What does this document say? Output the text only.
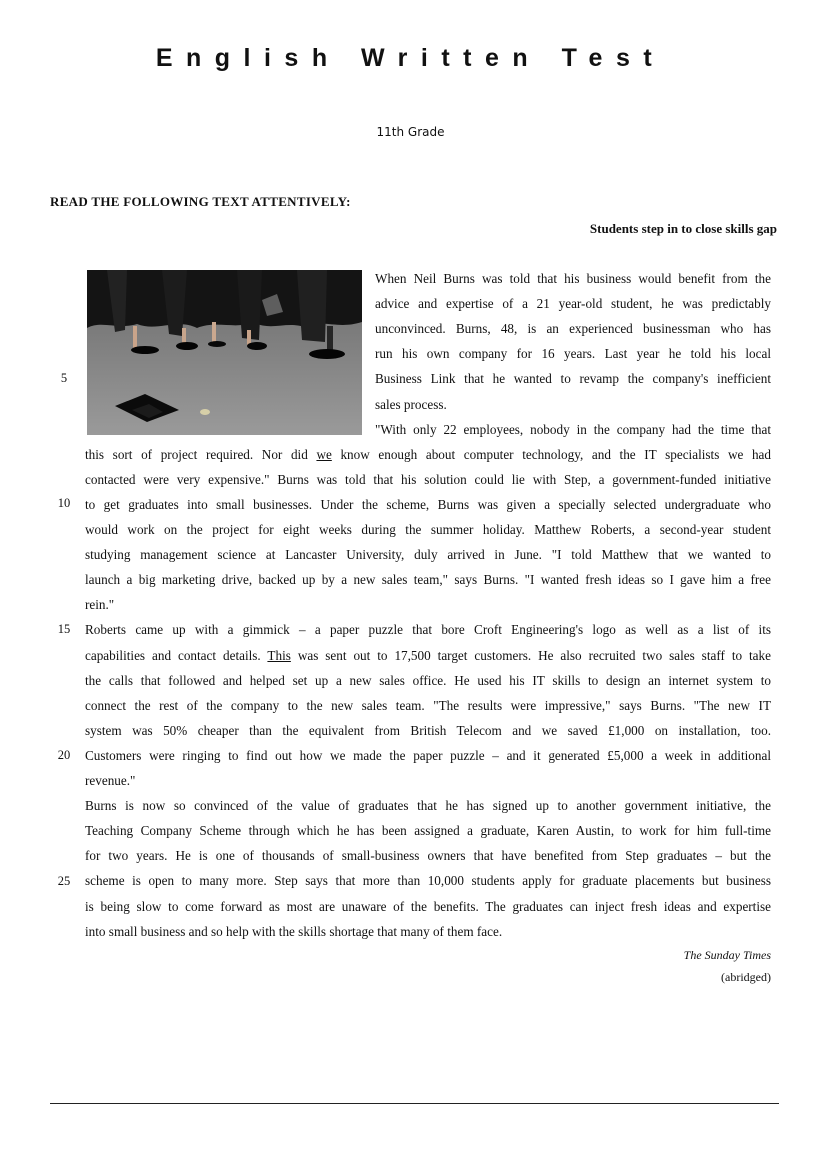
English Written Test
11th Grade
READ THE FOLLOWING TEXT ATTENTIVELY:
Students step in to close skills gap
When Neil Burns was told that his business would benefit from the
advice and expertise of a 21 year-old student, he was predictably
unconvinced. Burns, 48, is an experienced businessman who has
run his own company for 16 years. Last year he told his local
Business Link that he wanted to revamp the company's inefficient
sales process.
"With only 22 employees, nobody in the company had the time that
this sort of project required. Nor did we know enough about computer technology, and the IT specialists we had
contacted were very expensive." Burns was told that his solution could lie with Step, a government-funded initiative
to get graduates into small businesses. Under the scheme, Burns was given a specially selected undergraduate who
would work on the project for eight weeks during the summer holiday. Matthew Roberts, a second-year student
studying management science at Lancaster University, duly arrived in June. "I told Matthew that we wanted to
launch a big marketing drive, backed up by a new sales team," says Burns. "I wanted fresh ideas so I gave him a free
rein."
Roberts came up with a gimmick – a paper puzzle that bore Croft Engineering's logo as well as a list of its
capabilities and contact details. This was sent out to 17,500 target customers. He also recruited two sales staff to take
the calls that followed and helped set up a new sales office. He used his IT skills to design an internet system to
connect the rest of the company to the new sales team. "The results were impressive," says Burns. "The new IT
system was 50% cheaper than the equivalent from British Telecom and we saved £1,000 on installation, too.
Customers were ringing to find out how we made the paper puzzle – and it generated £5,000 a week in additional
revenue."
Burns is now so convinced of the value of graduates that he has signed up to another government initiative, the
Teaching Company Scheme through which he has been assigned a graduate, Karen Austin, to work for him full-time
for two years. He is one of thousands of small-business owners that have benefited from Step graduates – but the
scheme is open to many more. Step says that more than 10,000 students apply for graduate placements but business
is being slow to come forward as most are unaware of the benefits. The graduates can inject fresh ideas and expertise
into small business and so help with the skills shortage that many of them face.
5
10
15
20
25
The Sunday Times
(abridged)
